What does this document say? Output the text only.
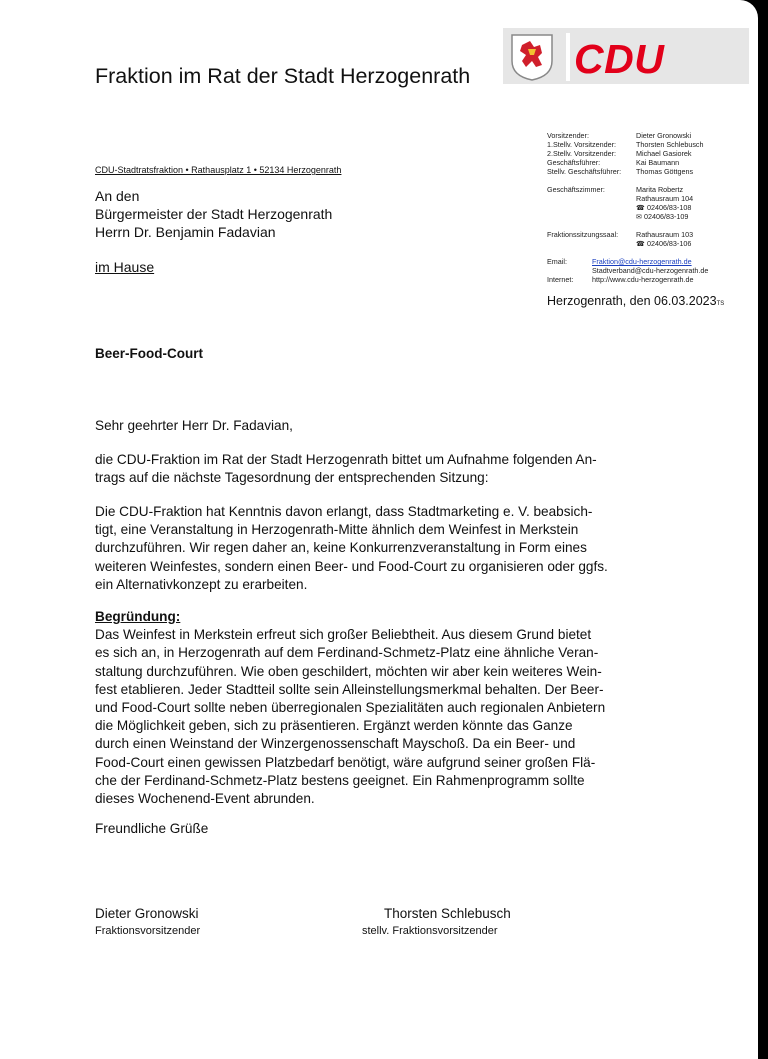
Fraktion im Rat der Stadt Herzogenrath	CDU
CDU-Stadtratsfraktion • Rathausplatz 1 • 52134 Herzogenrath
An den
Bürgermeister der Stadt Herzogenrath
Herrn Dr. Benjamin Fadavian
im Hause
Vorsitzender:	Dieter Gronowski
1.Stellv. Vorsitzender:	Thorsten Schlebusch
2.Stellv. Vorsitzender:	Michael Gasiorek
Geschäftsführer:	Kai Baumann
Stellv. Geschäftsführer: Thomas Göttgens
Geschäftszimmer:	Marita Robertz
Rathausraum 104
☎ 02406/83-108
✉ 02406/83-109
Fraktionssitzungssaal: Rathausraum 103
☎ 02406/83-106
Email:	Fraktion@cdu-herzogenrath.de
Stadtverband@cdu-herzogenrath.de
Internet:	http://www.cdu-herzogenrath.de
Herzogenrath, den 06.03.2023TS
Beer-Food-Court
Sehr geehrter Herr Dr. Fadavian,

die CDU-Fraktion im Rat der Stadt Herzogenrath bittet um Aufnahme folgenden An-

trags auf die nächste Tagesordnung der entsprechenden Sitzung:

Die CDU-Fraktion hat Kenntnis davon erlangt, dass Stadtmarketing e. V. beabsich-

tigt, eine Veranstaltung in Herzogenrath-Mitte ähnlich dem Weinfest in Merkstein

durchzuführen. Wir regen daher an, keine Konkurrenzveranstaltung in Form eines

weiteren Weinfestes, sondern einen Beer- und Food-Court zu organisieren oder ggfs.

ein Alternativkonzept zu erarbeiten.

Begründung:

Das Weinfest in Merkstein erfreut sich großer Beliebtheit. Aus diesem Grund bietet

es sich an, in Herzogenrath auf dem Ferdinand-Schmetz-Platz eine ähnliche Veran-

staltung durchzuführen. Wie oben geschildert, möchten wir aber kein weiteres Wein-

fest etablieren. Jeder Stadtteil sollte sein Alleinstellungsmerkmal behalten. Der Beer-

und Food-Court sollte neben überregionalen Spezialitäten auch regionalen Anbietern

die Möglichkeit geben, sich zu präsentieren. Ergänzt werden könnte das Ganze

durch einen Weinstand der Winzergenossenschaft Mayschoß. Da ein Beer- und

Food-Court einen gewissen Platzbedarf benötigt, wäre aufgrund seiner großen Flä-

che der Ferdinand-Schmetz-Platz bestens geeignet. Ein Rahmenprogramm sollte

dieses Wochenend-Event abrunden.

Freundliche Grüße
Dieter Gronowski
Fraktionsvorsitzender
Thorsten Schlebusch
stellv. Fraktionsvorsitzender
